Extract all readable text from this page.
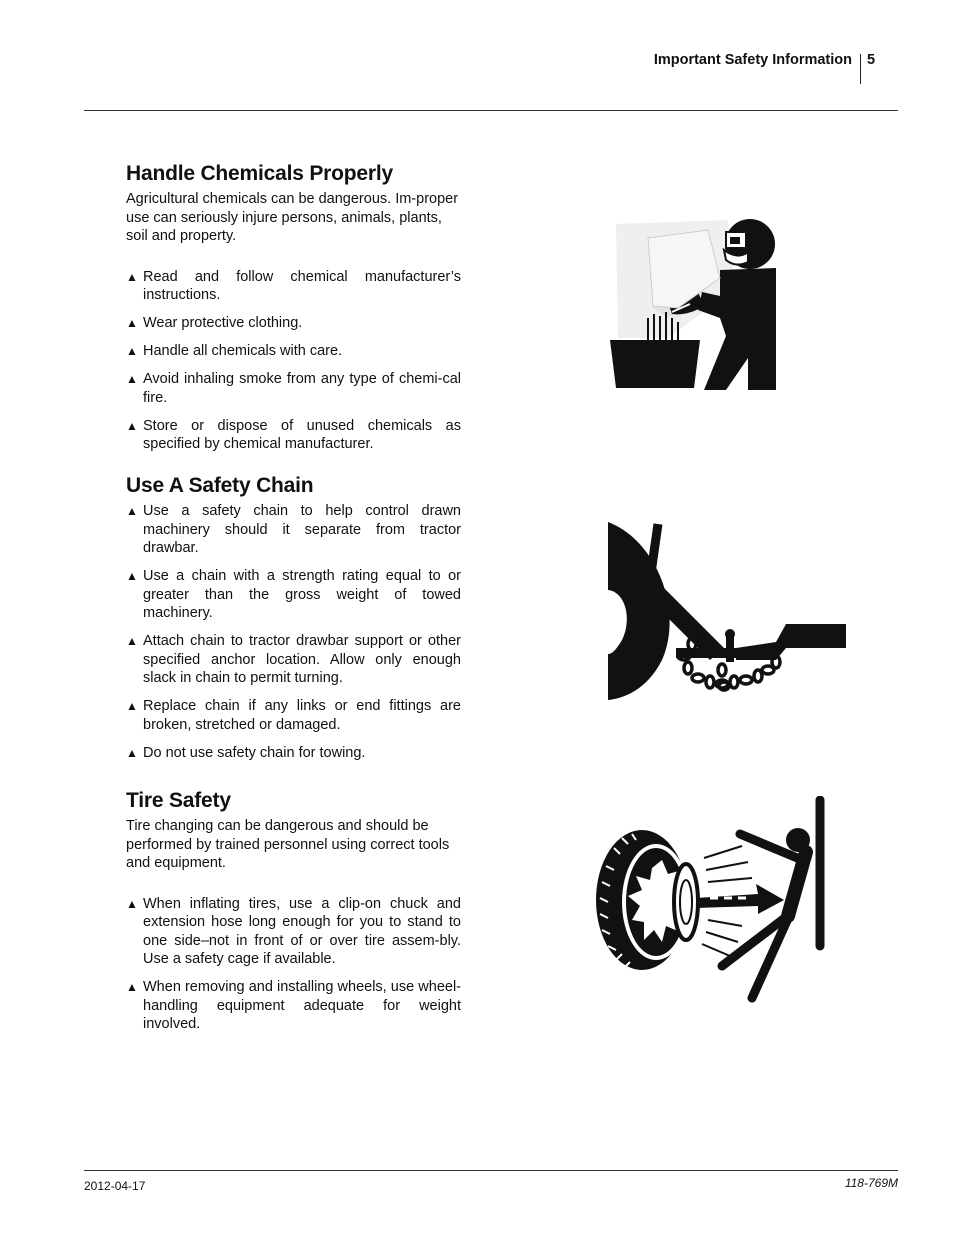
Important Safety Information 5
Handle Chemicals Properly

Agricultural chemicals can be dangerous. Im-proper use can seriously injure persons, animals, plants, soil and property.

▲ Read and follow chemical manufacturer’s instructions.
▲ Wear protective clothing.
▲ Handle all chemicals with care.
▲ Avoid inhaling smoke from any type of chemi-cal fire.
▲ Store or dispose of unused chemicals as specified by chemical manufacturer.
Use A Safety Chain
▲ Use a safety chain to help control drawn machinery should it separate from tractor drawbar.
▲ Use a chain with a strength rating equal to or greater than the gross weight of towed machinery.
▲ Attach chain to tractor drawbar support or other specified anchor location. Allow only enough slack in chain to permit turning.
▲ Replace chain if any links or end fittings are broken, stretched or damaged.
▲ Do not use safety chain for towing.
Tire Safety

Tire changing can be dangerous and should be performed by trained personnel using correct tools and equipment.

▲ When inflating tires, use a clip-on chuck and extension hose long enough for you to stand to one side–not in front of or over tire assem-bly. Use a safety cage if available.
▲ When removing and installing wheels, use wheel-handling equipment adequate for weight involved.
2012-04-17	118-769M
